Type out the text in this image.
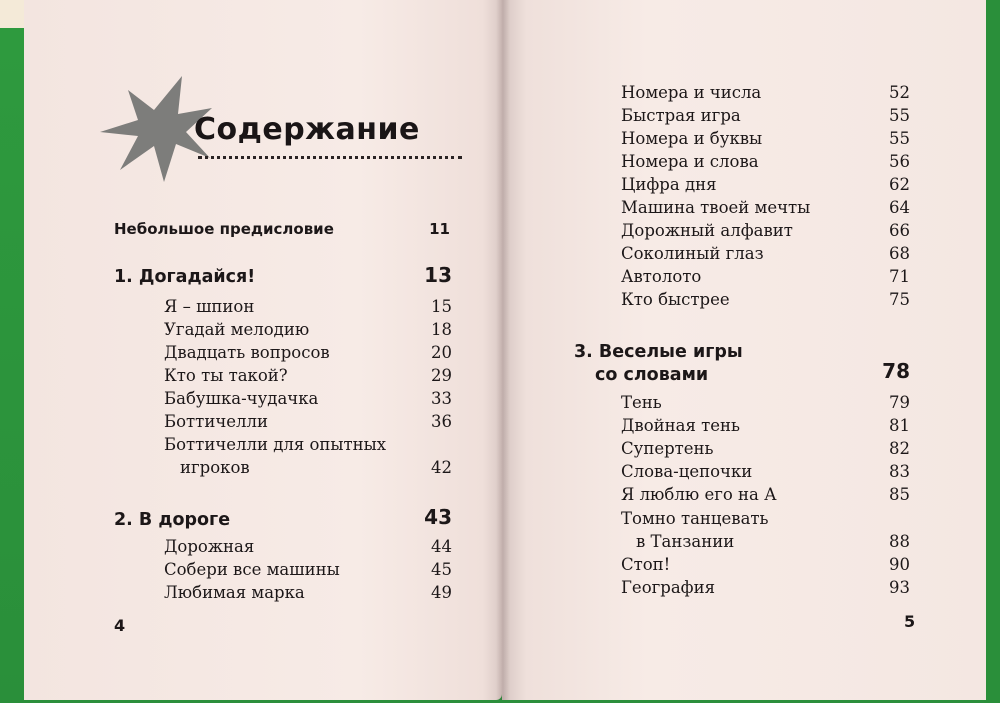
Содержание
Небольшое предисловие	11
1. Догадайся!	13
Я – шпион	15
Угадай мелодию	18
Двадцать вопросов	20
Кто ты такой?	29
Бабушка-чудачка	33
Боттичелли	36
Боттичелли для опытных
игроков	42
2. В дороге	43
Дорожная	44
Собери все машины	45
Любимая марка	49
4
Номера и числа	52
Быстрая игра	55
Номера и буквы	55
Номера и слова	56
Цифра дня	62
Машина твоей мечты	64
Дорожный алфавит	66
Соколиный глаз	68
Автолото	71
Кто быстрее	75
3. Веселые игры
со словами	78
Тень	79
Двойная тень	81
Супертень	82
Слова-цепочки	83
Я люблю его на А	85
Томно танцевать
в Танзании	88
Стоп!	90
География	93
5
